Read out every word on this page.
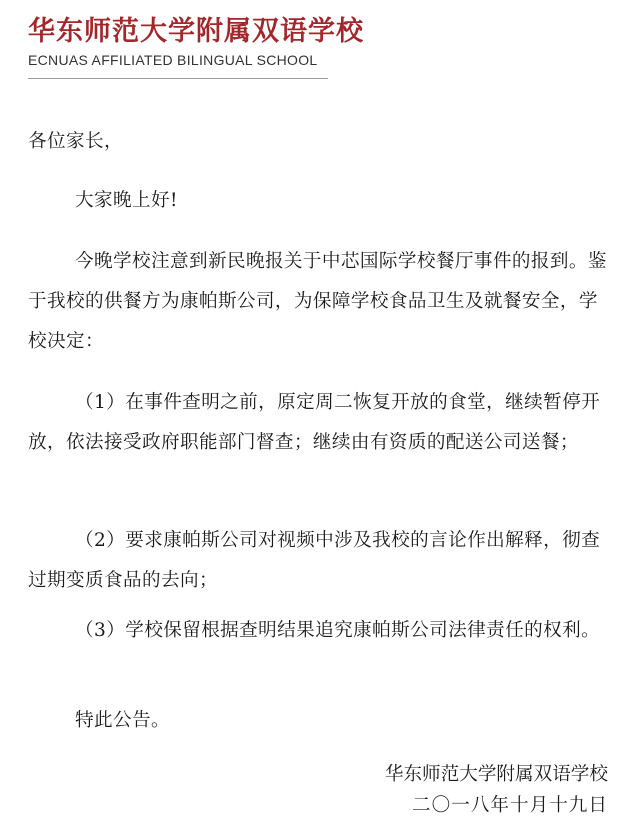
华东师范大学附属双语学校
ECNUAS AFFILIATED BILINGUAL SCHOOL
各位家长，
大家晚上好!
今晚学校注意到新民晚报关于中芯国际学校餐厅事件的报到。鉴于我校的供餐方为康帕斯公司，为保障学校食品卫生及就餐安全，学校决定：
（1）在事件查明之前，原定周二恢复开放的食堂，继续暂停开放，依法接受政府职能部门督查；继续由有资质的配送公司送餐；
（2）要求康帕斯公司对视频中涉及我校的言论作出解释，彻查过期变质食品的去向；
（3）学校保留根据查明结果追究康帕斯公司法律责任的权利。
特此公告。
华东师范大学附属双语学校
二〇一八年十月十九日
